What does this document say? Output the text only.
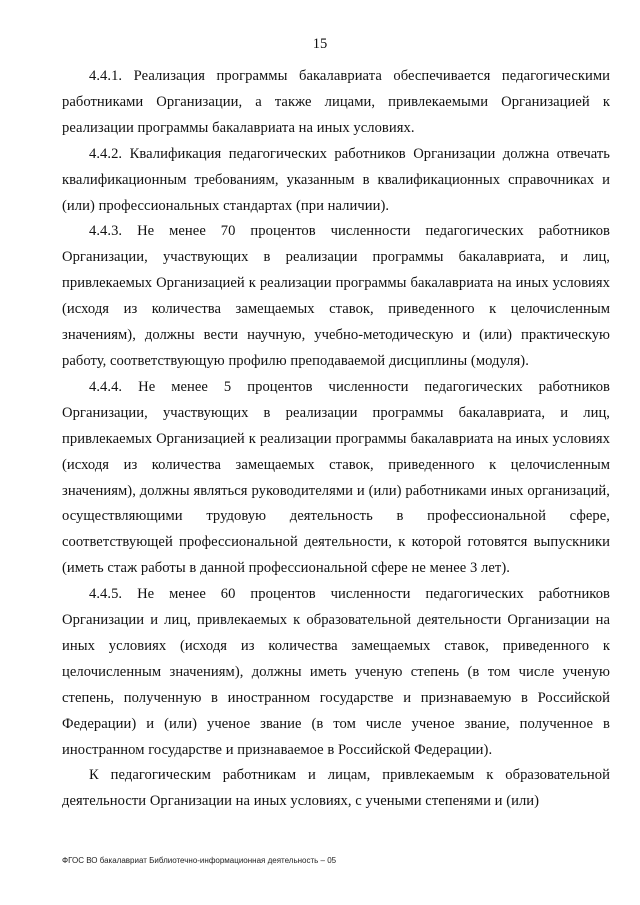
15

4.4.1. Реализация программы бакалавриата обеспечивается педагогическими работниками Организации, а также лицами, привлекаемыми Организацией к реализации программы бакалавриата на иных условиях.

4.4.2. Квалификация педагогических работников Организации должна отвечать квалификационным требованиям, указанным в квалификационных справочниках и (или) профессиональных стандартах (при наличии).

4.4.3. Не менее 70 процентов численности педагогических работников Организации, участвующих в реализации программы бакалавриата, и лиц, привлекаемых Организацией к реализации программы бакалавриата на иных условиях (исходя из количества замещаемых ставок, приведенного к целочисленным значениям), должны вести научную, учебно-методическую и (или) практическую работу, соответствующую профилю преподаваемой дисциплины (модуля).

4.4.4. Не менее 5 процентов численности педагогических работников Организации, участвующих в реализации программы бакалавриата, и лиц, привлекаемых Организацией к реализации программы бакалавриата на иных условиях (исходя из количества замещаемых ставок, приведенного к целочисленным значениям), должны являться руководителями и (или) работниками иных организаций, осуществляющими трудовую деятельность в профессиональной сфере, соответствующей профессиональной деятельности, к которой готовятся выпускники (иметь стаж работы в данной профессиональной сфере не менее 3 лет).

4.4.5. Не менее 60 процентов численности педагогических работников Организации и лиц, привлекаемых к образовательной деятельности Организации на иных условиях (исходя из количества замещаемых ставок, приведенного к целочисленным значениям), должны иметь ученую степень (в том числе ученую степень, полученную в иностранном государстве и признаваемую в Российской Федерации) и (или) ученое звание (в том числе ученое звание, полученное в иностранном государстве и признаваемое в Российской Федерации).

К педагогическим работникам и лицам, привлекаемым к образовательной деятельности Организации на иных условиях, с учеными степенями и (или)

ФГОС ВО бакалавриат Библиотечно-информационная деятельность – 05
